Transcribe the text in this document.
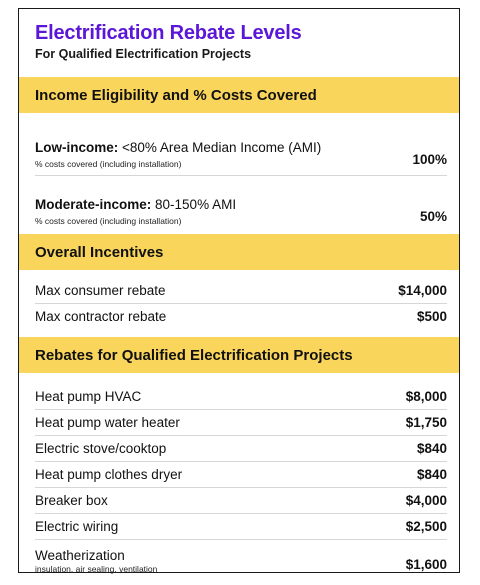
Electrification Rebate Levels
For Qualified Electrification Projects
Income Eligibility and % Costs Covered
Low-income: <80% Area Median Income (AMI)
% costs covered (including installation)	100%
Moderate-income: 80-150% AMI
% costs covered (including installation)	50%
Overall Incentives
Max consumer rebate	$14,000
Max contractor rebate	$500
Rebates for Qualified Electrification Projects
Heat pump HVAC	$8,000
Heat pump water heater	$1,750
Electric stove/cooktop	$840
Heat pump clothes dryer	$840
Breaker box	$4,000
Electric wiring	$2,500
Weatherization
insulation, air sealing, ventilation	$1,600
